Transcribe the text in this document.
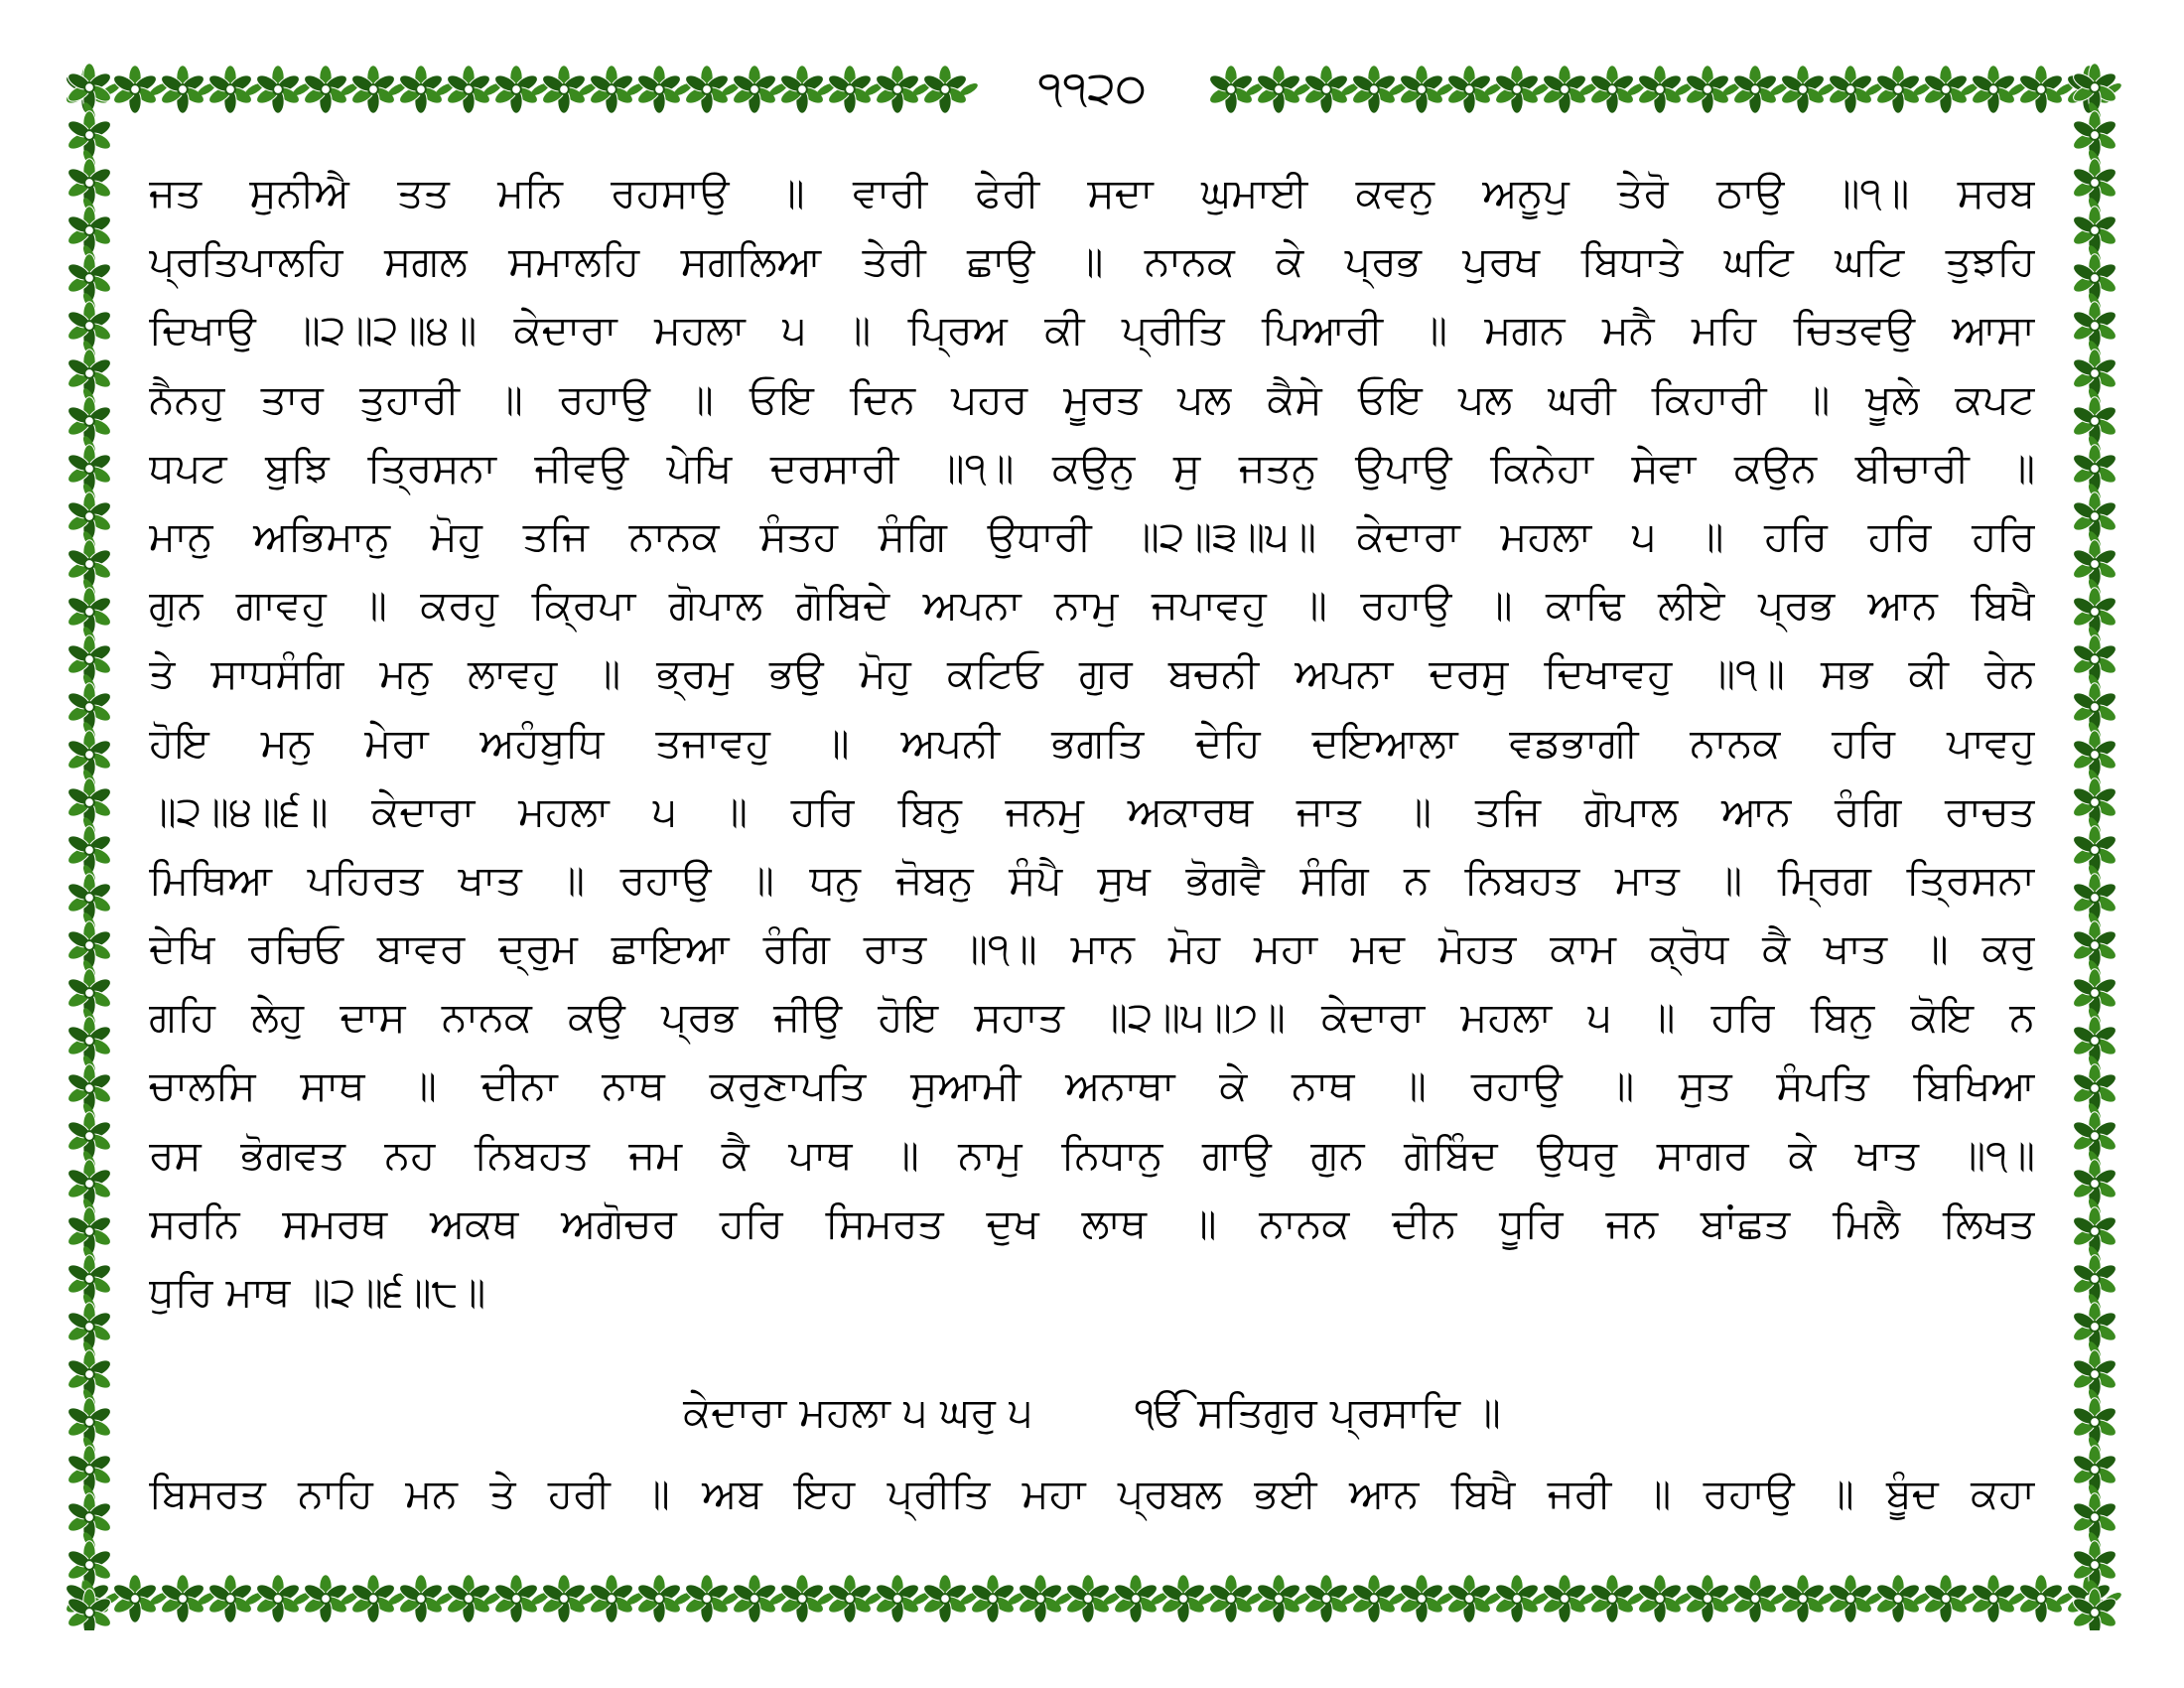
੧੧੨੦
ਜਤ ਸੁਨੀਐ ਤਤ ਮਨਿ ਰਹਸਾਉ ॥ ਵਾਰੀ ਫੇਰੀ ਸਦਾ ਘੁਮਾਈ ਕਵਨੁ ਅਨੂਪੁ ਤੇਰੋ ਠਾਉ ॥੧॥ ਸਰਬ
ਪ੍ਰਤਿਪਾਲਹਿ ਸਗਲ ਸਮਾਲਹਿ ਸਗਲਿਆ ਤੇਰੀ ਛਾਉ ॥ ਨਾਨਕ ਕੇ ਪ੍ਰਭ ਪੁਰਖ ਬਿਧਾਤੇ ਘਟਿ ਘਟਿ ਤੁਝਹਿ
ਦਿਖਾਉ ॥੨॥੨॥੪॥ ਕੇਦਾਰਾ ਮਹਲਾ ੫ ॥ ਪ੍ਰਿਅ ਕੀ ਪ੍ਰੀਤਿ ਪਿਆਰੀ ॥ ਮਗਨ ਮਨੈ ਮਹਿ ਚਿਤਵਉ ਆਸਾ
ਨੈਨਹੁ ਤਾਰ ਤੁਹਾਰੀ ॥ ਰਹਾਉ ॥ ਓਇ ਦਿਨ ਪਹਰ ਮੂਰਤ ਪਲ ਕੈਸੇ ਓਇ ਪਲ ਘਰੀ ਕਿਹਾਰੀ ॥ ਖੂਲੇ ਕਪਟ
ਧਪਟ ਬੁਝਿ ਤ੍ਰਿਸਨਾ ਜੀਵਉ ਪੇਖਿ ਦਰਸਾਰੀ ॥੧॥ ਕਉਨੁ ਸੁ ਜਤਨੁ ਉਪਾਉ ਕਿਨੇਹਾ ਸੇਵਾ ਕਉਨ ਬੀਚਾਰੀ ॥
ਮਾਨੁ ਅਭਿਮਾਨੁ ਮੋਹੁ ਤਜਿ ਨਾਨਕ ਸੰਤਹ ਸੰਗਿ ਉਧਾਰੀ ॥੨॥੩॥੫॥ ਕੇਦਾਰਾ ਮਹਲਾ ੫ ॥ ਹਰਿ ਹਰਿ ਹਰਿ
ਗੁਨ ਗਾਵਹੁ ॥ ਕਰਹੁ ਕ੍ਰਿਪਾ ਗੋਪਾਲ ਗੋਬਿਦੇ ਅਪਨਾ ਨਾਮੁ ਜਪਾਵਹੁ ॥ ਰਹਾਉ ॥ ਕਾਢਿ ਲੀਏ ਪ੍ਰਭ ਆਨ ਬਿਖੈ
ਤੇ ਸਾਧਸੰਗਿ ਮਨੁ ਲਾਵਹੁ ॥ ਭ੍ਰਮੁ ਭਉ ਮੋਹੁ ਕਟਿਓ ਗੁਰ ਬਚਨੀ ਅਪਨਾ ਦਰਸੁ ਦਿਖਾਵਹੁ ॥੧॥ ਸਭ ਕੀ ਰੇਨ
ਹੋਇ ਮਨੁ ਮੇਰਾ ਅਹੰਬੁਧਿ ਤਜਾਵਹੁ ॥ ਅਪਨੀ ਭਗਤਿ ਦੇਹਿ ਦਇਆਲਾ ਵਡਭਾਗੀ ਨਾਨਕ ਹਰਿ ਪਾਵਹੁ
॥੨॥੪॥੬॥ ਕੇਦਾਰਾ ਮਹਲਾ ੫ ॥ ਹਰਿ ਬਿਨੁ ਜਨਮੁ ਅਕਾਰਥ ਜਾਤ ॥ ਤਜਿ ਗੋਪਾਲ ਆਨ ਰੰਗਿ ਰਾਚਤ
ਮਿਥਿਆ ਪਹਿਰਤ ਖਾਤ ॥ ਰਹਾਉ ॥ ਧਨੁ ਜੋਬਨੁ ਸੰਪੈ ਸੁਖ ਭੋਗਵੈ ਸੰਗਿ ਨ ਨਿਬਹਤ ਮਾਤ ॥ ਮ੍ਰਿਗ ਤ੍ਰਿਸਨਾ
ਦੇਖਿ ਰਚਿਓ ਬਾਵਰ ਦ੍ਰੁਮ ਛਾਇਆ ਰੰਗਿ ਰਾਤ ॥੧॥ ਮਾਨ ਮੋਹ ਮਹਾ ਮਦ ਮੋਹਤ ਕਾਮ ਕ੍ਰੋਧ ਕੈ ਖਾਤ ॥ ਕਰੁ
ਗਹਿ ਲੇਹੁ ਦਾਸ ਨਾਨਕ ਕਉ ਪ੍ਰਭ ਜੀਉ ਹੋਇ ਸਹਾਤ ॥੨॥੫॥੭॥ ਕੇਦਾਰਾ ਮਹਲਾ ੫ ॥ ਹਰਿ ਬਿਨੁ ਕੋਇ ਨ
ਚਾਲਸਿ ਸਾਥ ॥ ਦੀਨਾ ਨਾਥ ਕਰੁਣਾਪਤਿ ਸੁਆਮੀ ਅਨਾਥਾ ਕੇ ਨਾਥ ॥ ਰਹਾਉ ॥ ਸੁਤ ਸੰਪਤਿ ਬਿਖਿਆ
ਰਸ ਭੋਗਵਤ ਨਹ ਨਿਬਹਤ ਜਮ ਕੈ ਪਾਥ ॥ ਨਾਮੁ ਨਿਧਾਨੁ ਗਾਉ ਗੁਨ ਗੋਬਿੰਦ ਉਧਰੁ ਸਾਗਰ ਕੇ ਖਾਤ ॥੧॥
ਸਰਨਿ ਸਮਰਥ ਅਕਥ ਅਗੋਚਰ ਹਰਿ ਸਿਮਰਤ ਦੁਖ ਲਾਥ ॥ ਨਾਨਕ ਦੀਨ ਧੂਰਿ ਜਨ ਬਾਂਛਤ ਮਿਲੈ ਲਿਖਤ
ਧੁਰਿ ਮਾਥ ॥੨॥੬॥੮॥
ਕੇਦਾਰਾ ਮਹਲਾ ੫ ਘਰੁ ੫	ੴ ਸਤਿਗੁਰ ਪ੍ਰਸਾਦਿ ॥
ਬਿਸਰਤ ਨਾਹਿ ਮਨ ਤੇ ਹਰੀ ॥ ਅਬ ਇਹ ਪ੍ਰੀਤਿ ਮਹਾ ਪ੍ਰਬਲ ਭਈ ਆਨ ਬਿਖੈ ਜਰੀ ॥ ਰਹਾਉ ॥ ਬੂੰਦ ਕਹਾ
